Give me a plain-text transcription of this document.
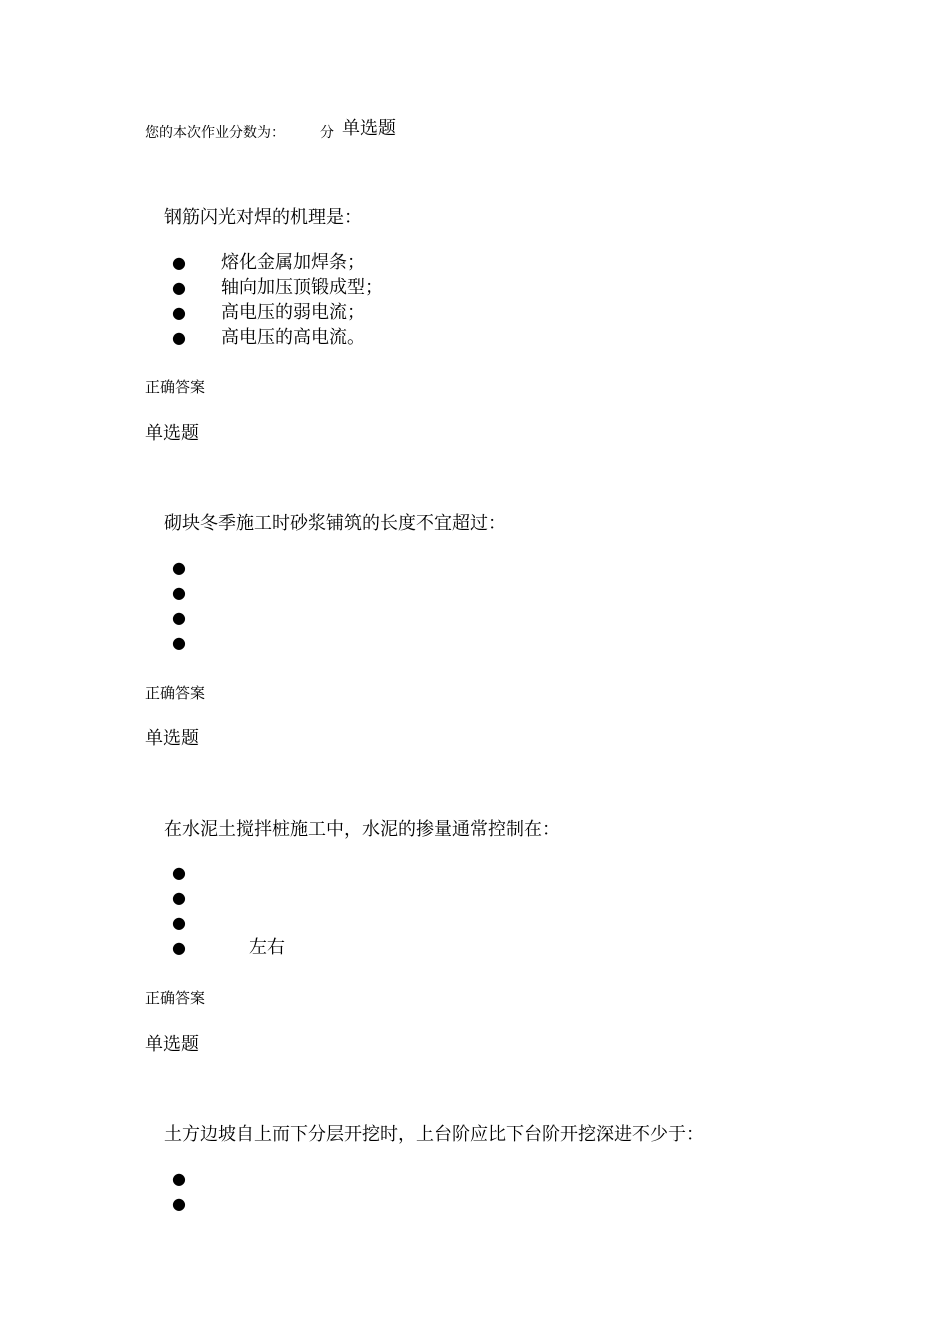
您的本次作业分数为：	分 单选题
钢筋闪光对焊的机理是：
● 熔化金属加焊条；
● 轴向加压顶锻成型；
● 高电压的弱电流；
● 高电压的高电流。
正确答案
单选题
砌块冬季施工时砂浆铺筑的长度不宜超过：
●
●
●
●
正确答案
单选题
在水泥土搅拌桩施工中，水泥的掺量通常控制在：
●
●
●
●	左右
正确答案
单选题
土方边坡自上而下分层开挖时，上台阶应比下台阶开挖深进不少于：
●
●
